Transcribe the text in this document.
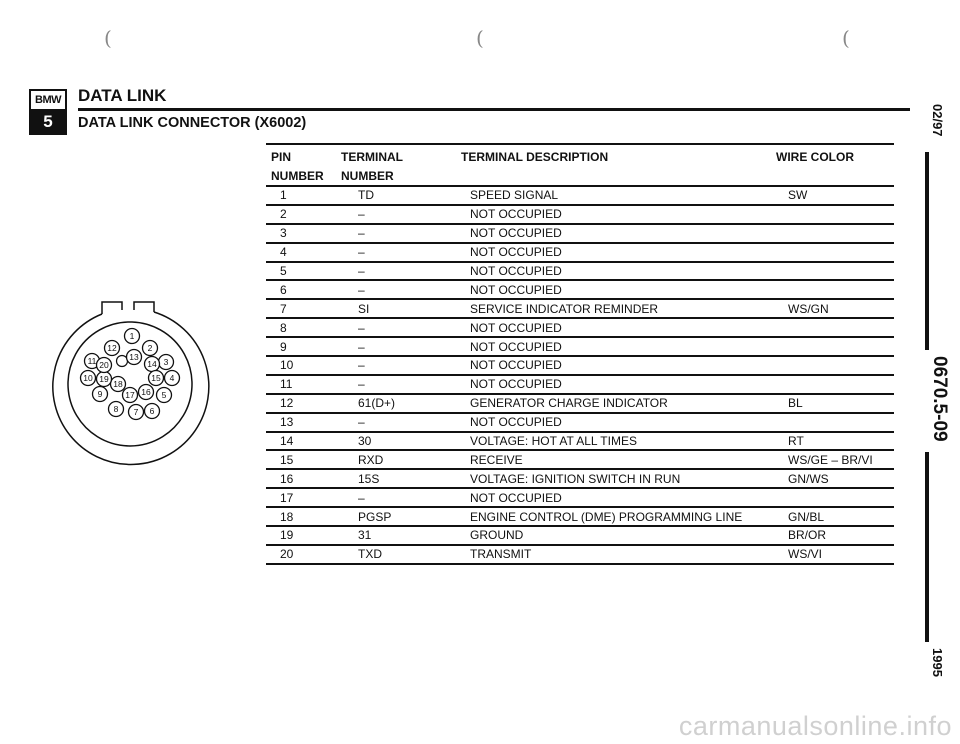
(	(	(
BMW
5
DATA LINK
DATA LINK CONNECTOR (X6002)
PIN
NUMBER
TERMINAL
NUMBER
TERMINAL DESCRIPTION	WIRE COLOR
1	TD	SPEED SIGNAL	SW
2	–	NOT OCCUPIED	
3	–	NOT OCCUPIED	
4	–	NOT OCCUPIED	
5	–	NOT OCCUPIED	
6	–	NOT OCCUPIED	
7	SI	SERVICE INDICATOR REMINDER	WS/GN
8	–	NOT OCCUPIED	
9	–	NOT OCCUPIED	
10	–	NOT OCCUPIED	
11	–	NOT OCCUPIED	
12	61(D+)	GENERATOR CHARGE INDICATOR	BL
13	–	NOT OCCUPIED	
14	30	VOLTAGE: HOT AT ALL TIMES	RT
15	RXD	RECEIVE	WS/GE – BR/VI
16	15S	VOLTAGE: IGNITION SWITCH IN RUN	GN/WS
17	–	NOT OCCUPIED	
18	PGSP	ENGINE CONTROL (DME) PROGRAMMING LINE	GN/BL
19	31	GROUND	BR/OR
20	TXD	TRANSMIT	WS/VI
1
2
3
4
5
6
7
8
9
10
11
12
13
14
15
16
17
18
19
20
02/97
0670.5-09
1995
carmanualsonline.info
